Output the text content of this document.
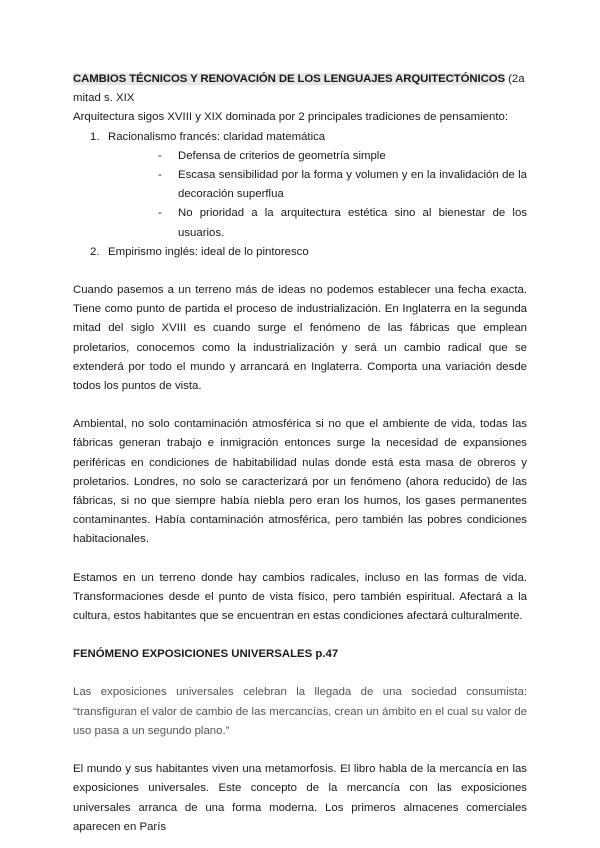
CAMBIOS TÉCNICOS Y RENOVACIÓN DE LOS LENGUAJES ARQUITECTÓNICOS (2a mitad s. XIX

Arquitectura sigos XVIII y XIX dominada por 2 principales tradiciones de pensamiento:

1. Racionalismo francés: claridad matemática
- Defensa de criterios de geometría simple
- Escasa sensibilidad por la forma y volumen y en la invalidación de la decoración superflua
- No prioridad a la arquitectura estética sino al bienestar de los usuarios.
2. Empirismo inglés: ideal de lo pintoresco

Cuando pasemos a un terreno más de ideas no podemos establecer una fecha exacta. Tiene como punto de partida el proceso de industrialización. En Inglaterra en la segunda mitad del siglo XVIII es cuando surge el fenómeno de las fábricas que emplean proletarios, conocemos como la industrialización y será un cambio radical que se extenderá por todo el mundo y arrancará en Inglaterra. Comporta una variación desde todos los puntos de vista.

Ambiental, no solo contaminación atmosférica si no que el ambiente de vida, todas las fábricas generan trabajo e inmigración entonces surge la necesidad de expansiones periféricas en condiciones de habitabilidad nulas donde está esta masa de obreros y proletarios. Londres, no solo se caracterizará por un fenómeno (ahora reducido) de las fábricas, si no que siempre había niebla pero eran los humos, los gases permanentes contaminantes. Había contaminación atmosférica, pero también las pobres condiciones habitacionales.

Estamos en un terreno donde hay cambios radicales, incluso en las formas de vida. Transformaciones desde el punto de vista físico, pero también espiritual. Afectará a la cultura, estos habitantes que se encuentran en estas condiciones afectará culturalmente.

FENÓMENO EXPOSICIONES UNIVERSALES p.47

Las exposiciones universales celebran la llegada de una sociedad consumista: “transfiguran el valor de cambio de las mercancías, crean un ámbito en el cual su valor de uso pasa a un segundo plano.”

El mundo y sus habitantes viven una metamorfosis. El libro habla de la mercancía en las exposiciones universales. Este concepto de la mercancía con las exposiciones universales arranca de una forma moderna. Los primeros almacenes comerciales aparecen en París
